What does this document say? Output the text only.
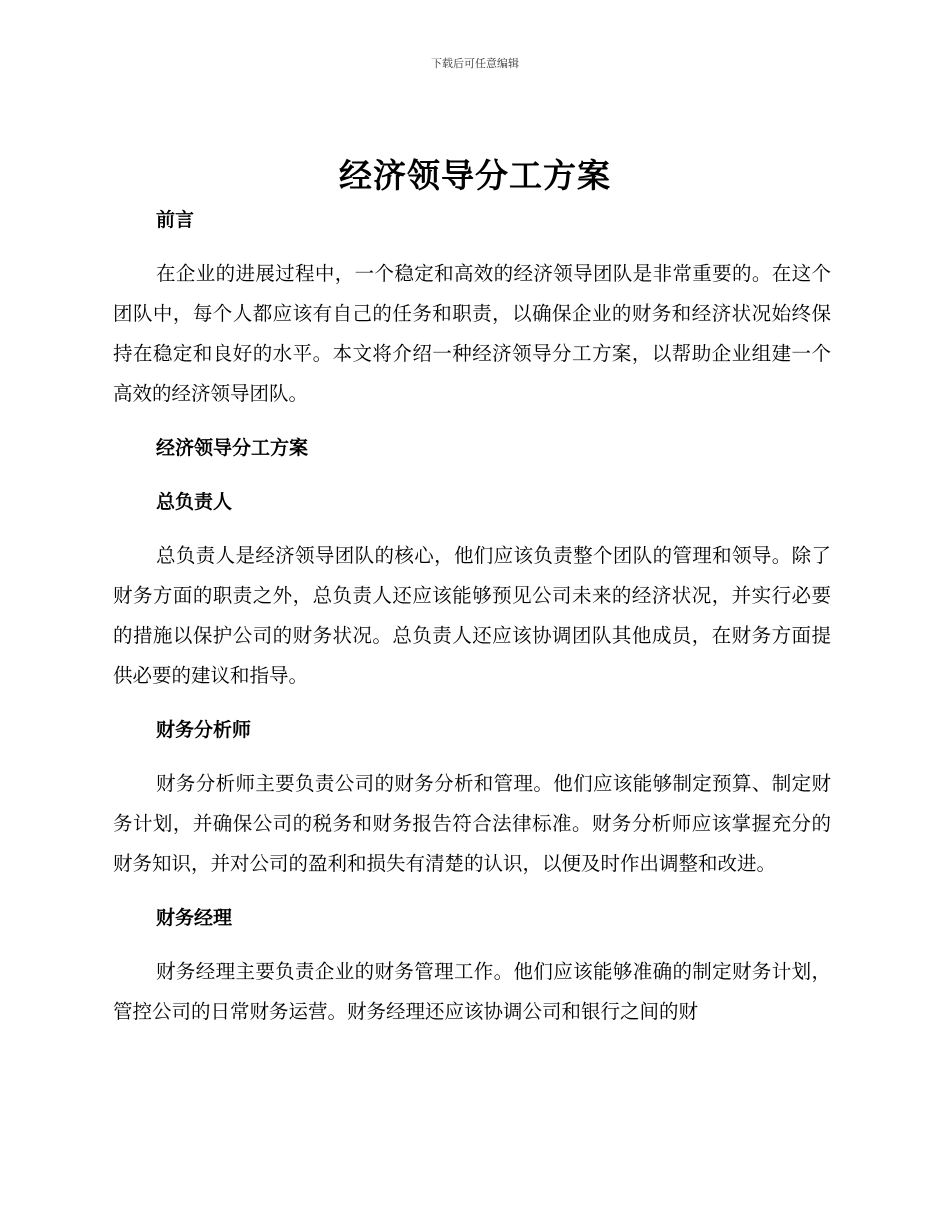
下载后可任意编辑
经济领导分工方案

前言

在企业的进展过程中，一个稳定和高效的经济领导团队是非常重要的。在这个团队中，每个人都应该有自己的任务和职责，以确保企业的财务和经济状况始终保持在稳定和良好的水平。本文将介绍一种经济领导分工方案，以帮助企业组建一个高效的经济领导团队。

经济领导分工方案

总负责人

总负责人是经济领导团队的核心，他们应该负责整个团队的管理和领导。除了财务方面的职责之外，总负责人还应该能够预见公司未来的经济状况，并实行必要的措施以保护公司的财务状况。总负责人还应该协调团队其他成员，在财务方面提供必要的建议和指导。

财务分析师

财务分析师主要负责公司的财务分析和管理。他们应该能够制定预算、制定财务计划，并确保公司的税务和财务报告符合法律标准。财务分析师应该掌握充分的财务知识，并对公司的盈利和损失有清楚的认识，以便及时作出调整和改进。

财务经理

财务经理主要负责企业的财务管理工作。他们应该能够准确的制定财务计划，管控公司的日常财务运营。财务经理还应该协调公司和银行之间的财
